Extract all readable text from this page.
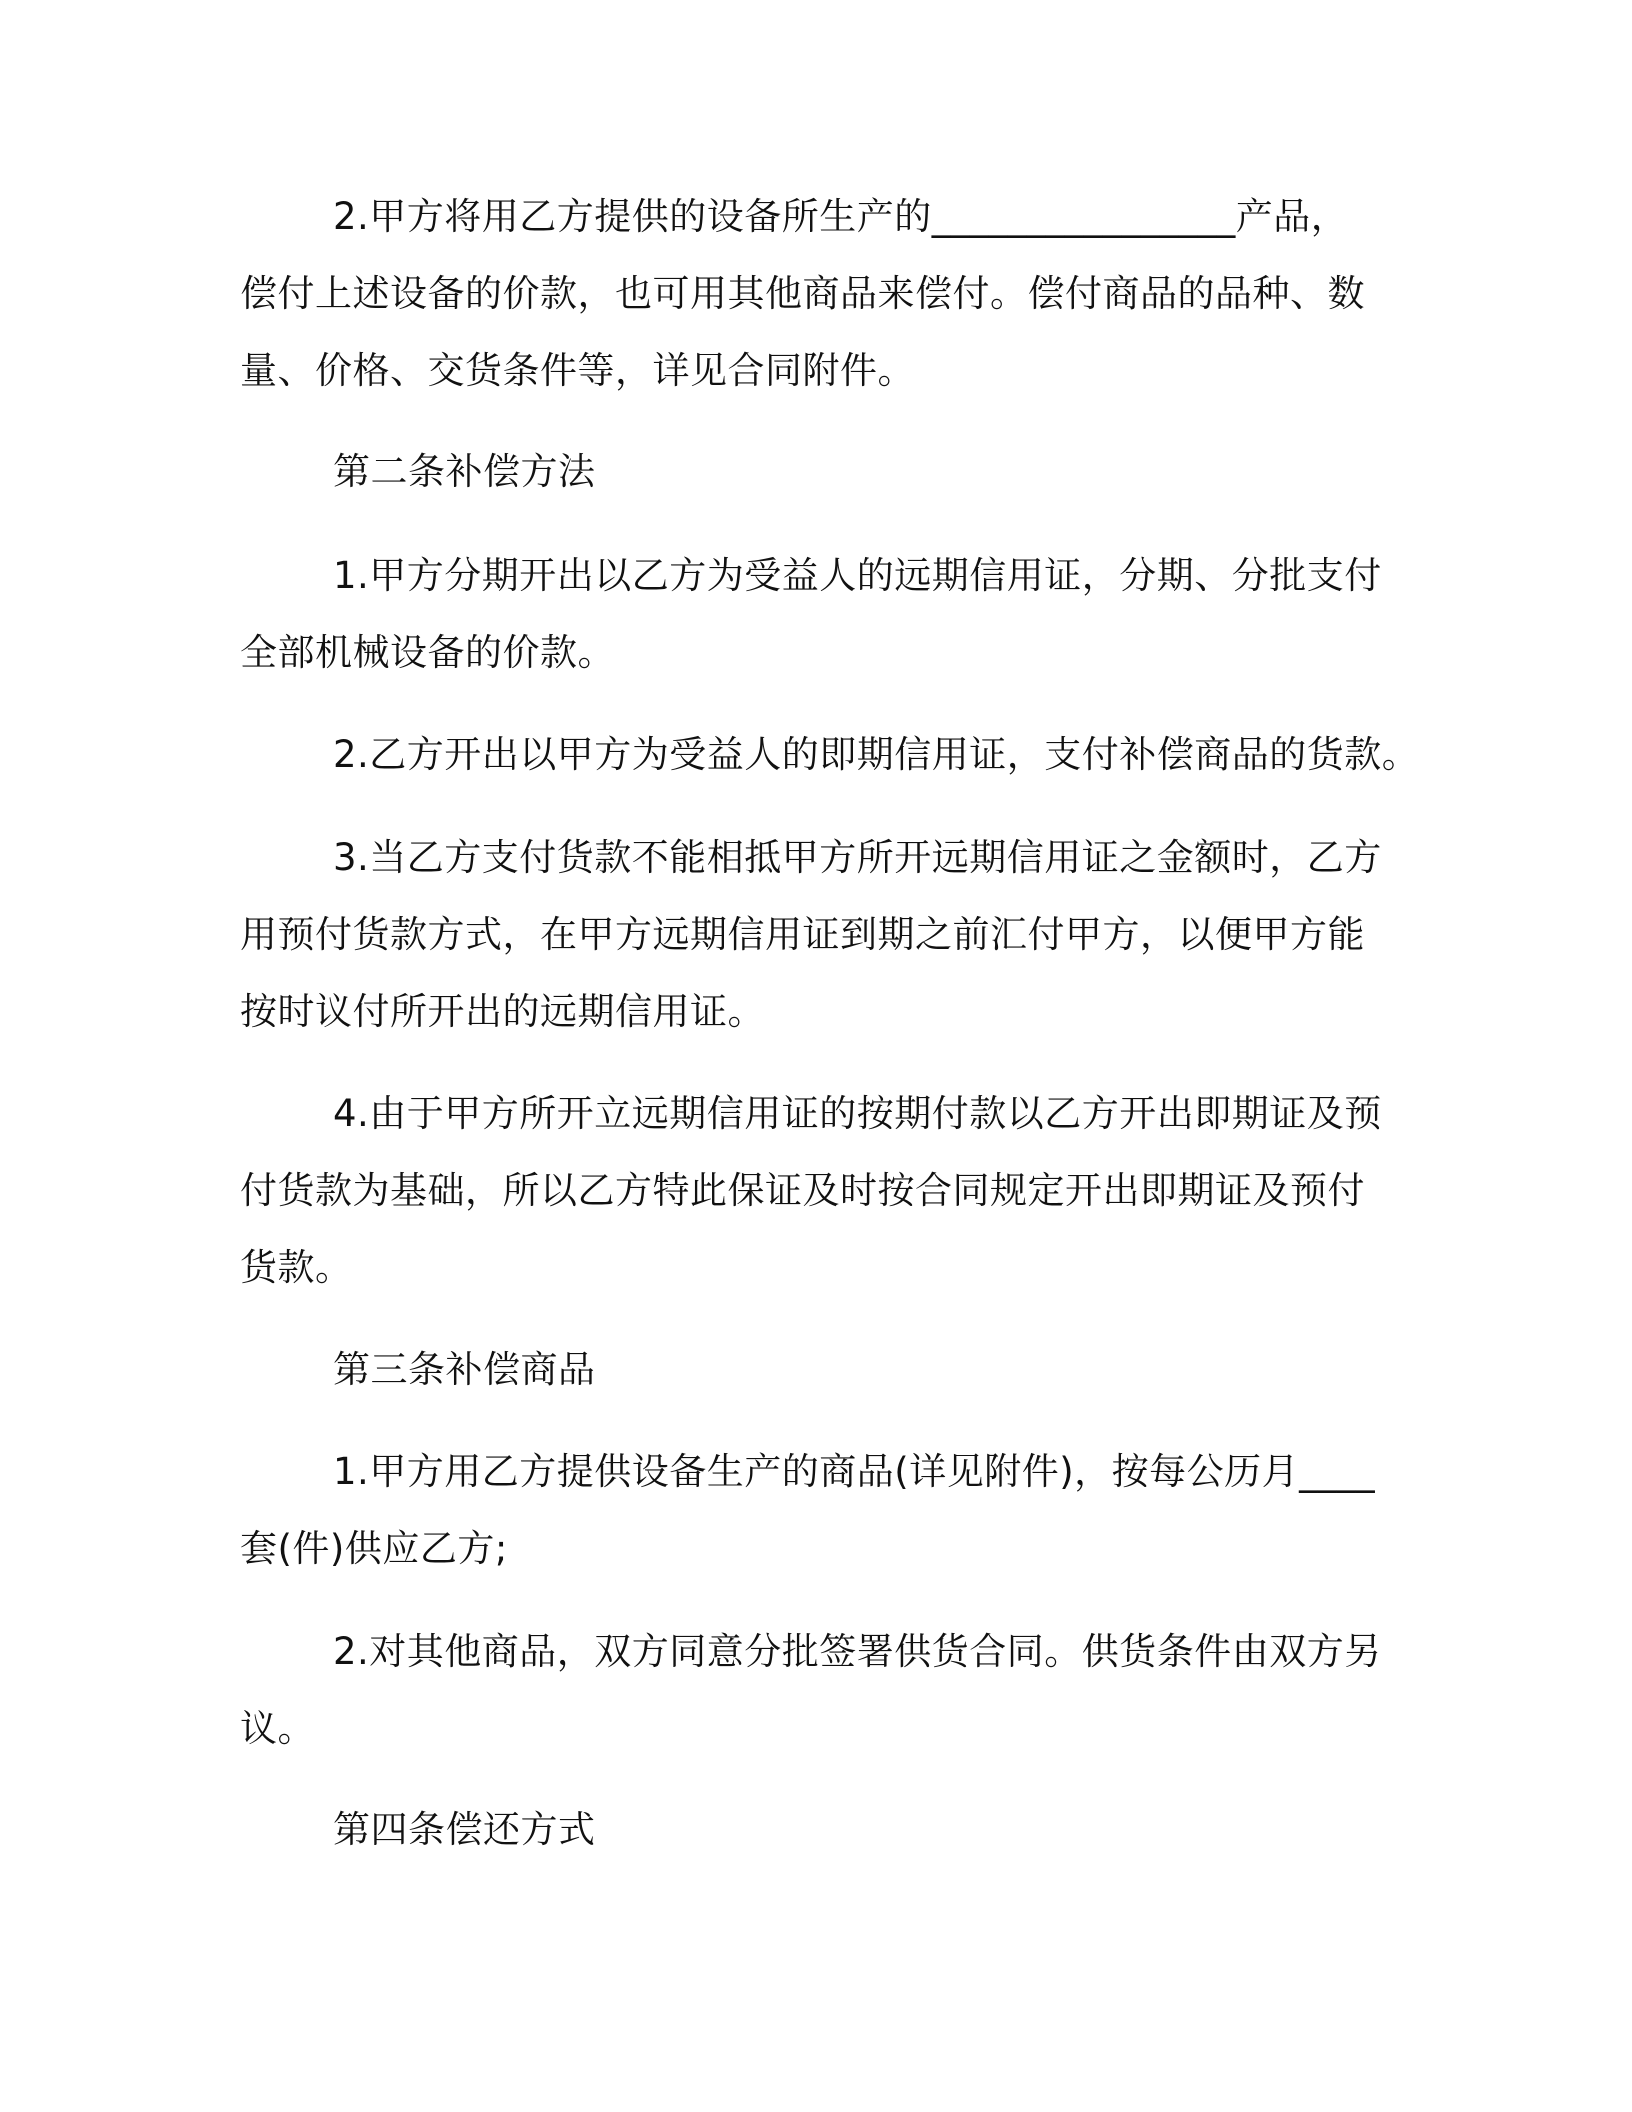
2.甲方将用乙方提供的设备所生产的________________产品，
偿付上述设备的价款，也可用其他商品来偿付。偿付商品的品种、数
量、价格、交货条件等，详见合同附件。
第二条补偿方法
1.甲方分期开出以乙方为受益人的远期信用证，分期、分批支付
全部机械设备的价款。
2.乙方开出以甲方为受益人的即期信用证，支付补偿商品的货款。
3.当乙方支付货款不能相抵甲方所开远期信用证之金额时，乙方
用预付货款方式，在甲方远期信用证到期之前汇付甲方，以便甲方能
按时议付所开出的远期信用证。
4.由于甲方所开立远期信用证的按期付款以乙方开出即期证及预
付货款为基础，所以乙方特此保证及时按合同规定开出即期证及预付
货款。
第三条补偿商品
1.甲方用乙方提供设备生产的商品(详见附件)，按每公历月____
套(件)供应乙方;
2.对其他商品，双方同意分批签署供货合同。供货条件由双方另
议。
第四条偿还方式
